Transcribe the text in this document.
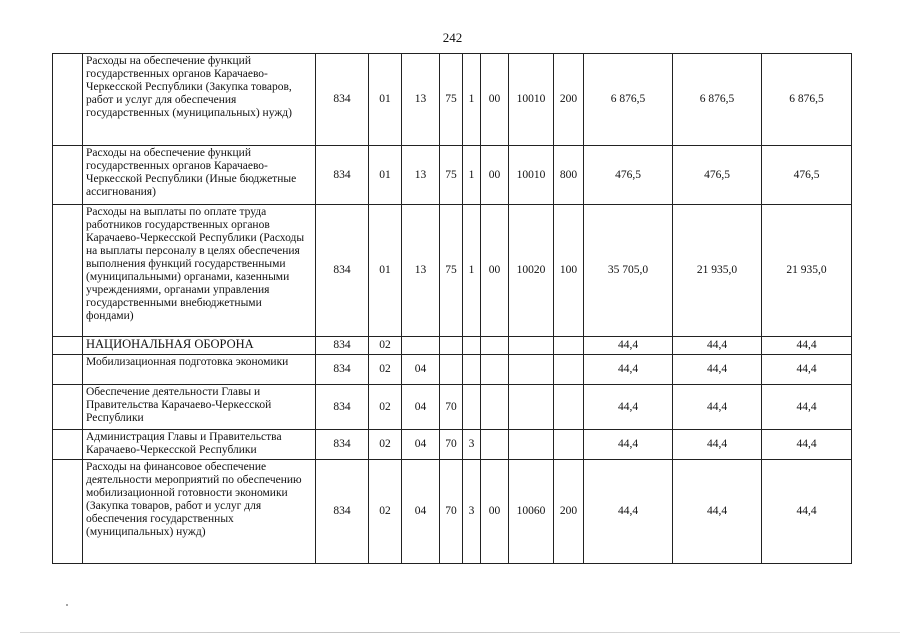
242
	Расходы на обеспечение функций государственных органов Карачаево-Черкесской Республики (Закупка товаров, работ и услуг для обеспечения государственных (муниципальных) нужд)	834	01	13	75	1	00	10010	200	6 876,5	6 876,5	6 876,5
	Расходы на обеспечение функций государственных органов Карачаево-Черкесской Республики (Иные бюджетные ассигнования)	834	01	13	75	1	00	10010	800	476,5	476,5	476,5
	Расходы на выплаты по оплате труда работников государственных органов Карачаево-Черкесской Республики (Расходы на выплаты персоналу в целях обеспечения выполнения функций государственными (муниципальными) органами, казенными учреждениями, органами управления государственными внебюджетными фондами)	834	01	13	75	1	00	10020	100	35 705,0	21 935,0	21 935,0
	НАЦИОНАЛЬНАЯ ОБОРОНА	834	02							44,4	44,4	44,4
	Мобилизационная подготовка экономики	834	02	04						44,4	44,4	44,4
	Обеспечение деятельности Главы и Правительства Карачаево-Черкесской Республики	834	02	04	70					44,4	44,4	44,4
	Администрация Главы и Правительства Карачаево-Черкесской Республики	834	02	04	70	3				44,4	44,4	44,4
	Расходы на финансовое обеспечение деятельности мероприятий по обеспечению мобилизационной готовности экономики (Закупка товаров, работ и услуг для обеспечения государственных (муниципальных) нужд)	834	02	04	70	3	00	10060	200	44,4	44,4	44,4
